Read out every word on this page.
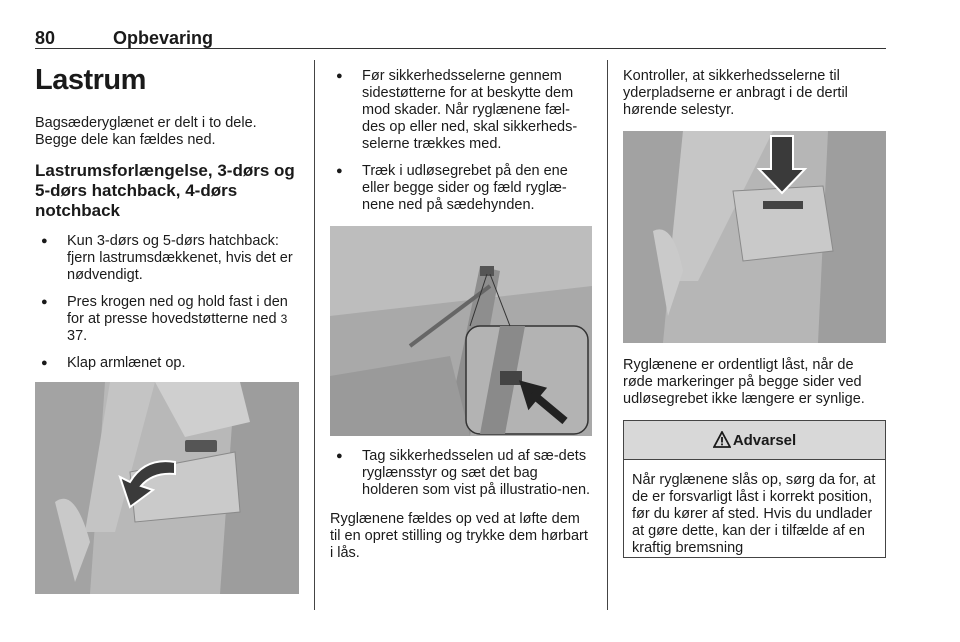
80	Opbevaring
Lastrum

Bagsæderyglænet er delt i to dele. Begge dele kan fældes ned.

Lastrumsforlængelse, 3-dørs og 5-dørs hatchback, 4-dørs notchback
● Kun 3-dørs og 5-dørs hatchback: fjern lastrumsdækkenet, hvis det er nødvendigt.
● Pres krogen ned og hold fast i den for at presse hovedstøtterne ned 3 37.
● Klap armlænet op.
● Før sikkerhedsselerne gennem sidestøtterne for at beskytte dem mod skader. Når ryglænene fæl-des op eller ned, skal sikkerheds-selerne trækkes med.
● Træk i udløsegrebet på den ene eller begge sider og fæld ryglæ-nene ned på sædehynden.
● Tag sikkerhedsselen ud af sæ-dets ryglænsstyr og sæt det bag holderen som vist på illustratio-nen.

Ryglænene fældes op ved at løfte dem til en opret stilling og trykke dem hørbart i lås.

Kontroller, at sikkerhedsselerne til yderpladserne er anbragt i de dertil hørende selestyr.

Ryglænene er ordentligt låst, når de røde markeringer på begge sider ved udløsegrebet ikke længere er synlige.

Advarsel
Når ryglænene slås op, sørg da for, at de er forsvarligt låst i korrekt position, før du kører af sted. Hvis du undlader at gøre dette, kan der i tilfælde af en kraftig bremsning
